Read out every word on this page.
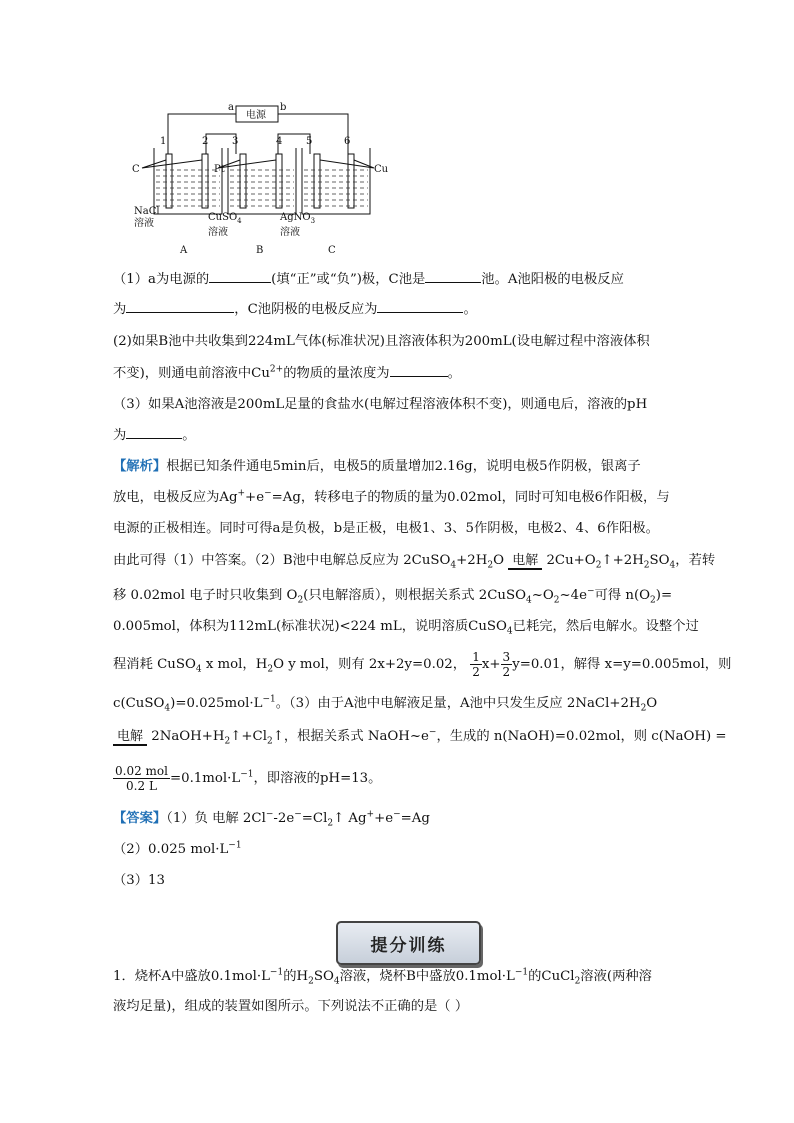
电源
a	b
1	2 3	4 5	6
C	Pt	Cu
NaCl
溶液
CuSO$_4$
溶液
AgNO$_3$
溶液
A	B	C
（1）a为电源的	(填“正”或“负”)极，C池是	池。A池阳极的电极反应
为	，C池阴极的电极反应为	。
(2)如果B池中共收集到224mL气体(标准状况)且溶液体积为200mL(设电解过程中溶液体积
不变)，则通电前溶液中$Cu^{2+}$的物质的量浓度为	。
（3）如果A池溶液是200mL足量的食盐水(电解过程溶液体积不变)，则通电后，溶液的pH
为	。
【解析】根据已知条件通电5min后，电极5的质量增加2.16g，说明电极5作阴极，银离子
放电，电极反应为Ag++e−=Ag，转移电子的物质的量为0.02mol，同时可知电极6作阳极，与
电源的正极相连。同时可得a是负极，b是正极，电极1、3、5作阴极，电极2、4、6作阳极。
由此可得（1）中答案。（2）B池中电解总反应为 $2CuSO_4+2H_2O$ 电解 $2Cu+O_2↑+2H_2SO_4$，若转
移 0.02mol 电子时只收集到 $O_2$(只电解溶质），则根据关系式 $2CuSO_4\sim O_2\sim 4e^-$可得 $n(O_2)=$
0.005mol，体积为112mL(标准状况)<224 mL，说明溶质CuSO$_4$已耗完，然后电解水。设整个过
程消耗 CuSO$_4$ x mol，$H_2O$ y mol，则有 2x+2y=0.02， $\frac{1}{2} x+ \frac{3}{2} y=0.01$，解得 x=y=0.005mol，则
$c(CuSO_4)=0.025mol\cdot L^{-1}$。（3）由于A池中电解液足量，A池中只发生反应 $2NaCl+2H_2O$
电解 $2NaOH+H_2↑+Cl_2↑$，根据关系式 NaOH~e−，生成的 n(NaOH)=0.02mol，则 c(NaOH) =
$\frac{\text{0.02 mol}}{0.2 L} =0.1mol\cdot L^{-1}$，即溶液的pH=13。
【答案】（1）负 电解 $2Cl^--2e^-=Cl_2↑$ Ag++e−=Ag
（2）0.025 $mol\cdot L^{-1}$
（3）13
提分训练
1．烧杯A中盛放$0.1mol\cdot L^{-1}$的$H_2SO_4$溶液，烧杯B中盛放$0.1mol\cdot L^{-1}$的CuCl$_2$溶液(两种溶
液均足量)，组成的装置如图所示。下列说法不正确的是（ ）
